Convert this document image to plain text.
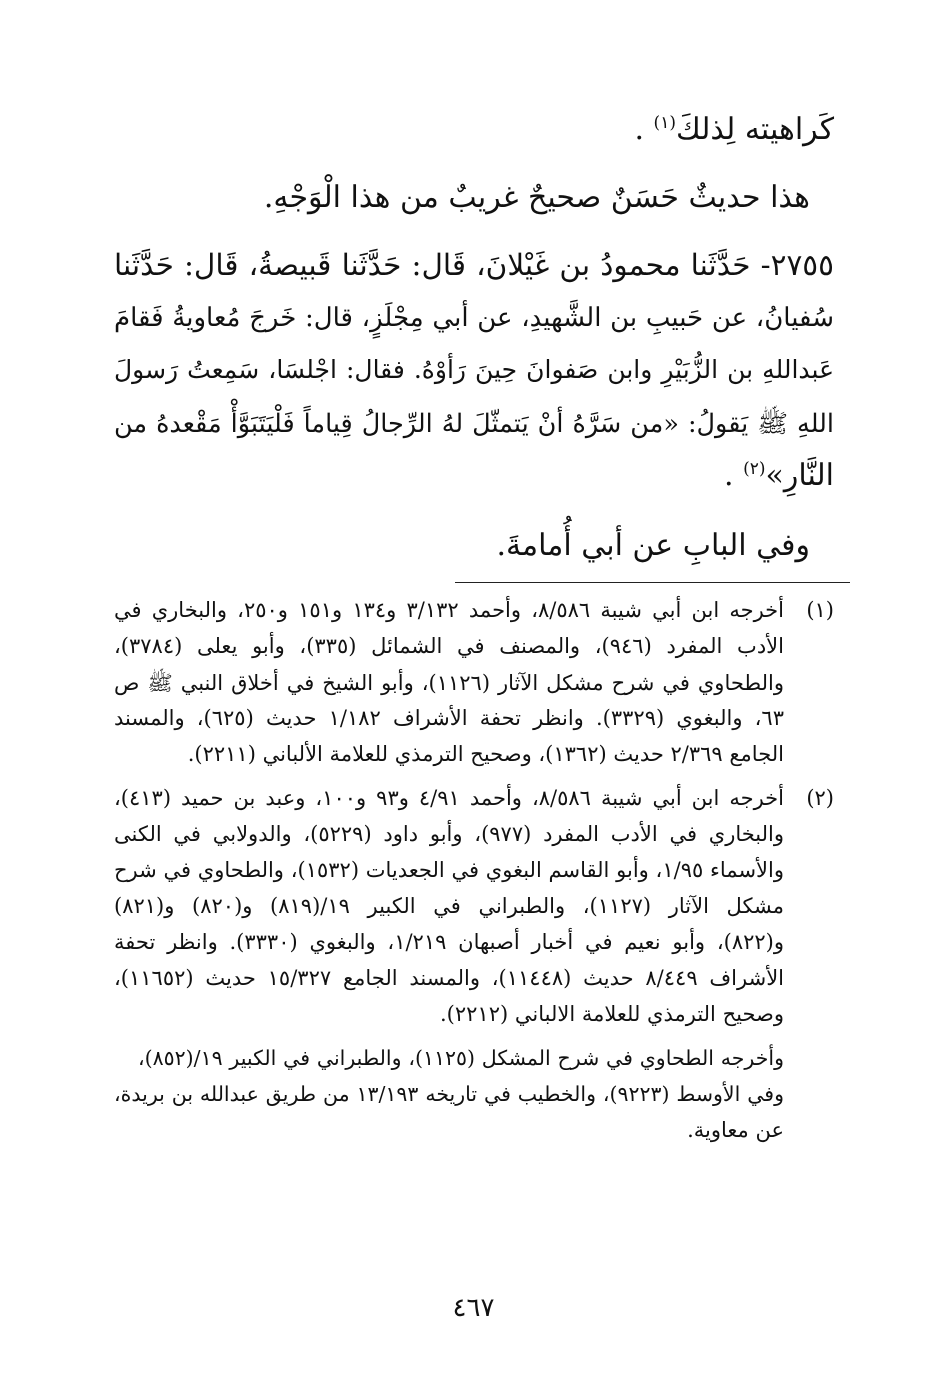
كَراهيته لِذلكَ$^{(١)}$ .
هذا حديثٌ حَسَنٌ صحيحٌ غريبٌ من هذا الْوَجْهِ.
٢٧٥٥- حَدَّثَنا محمودُ بن غَيْلانَ، قَال: حَدَّثَنا قَبيصةُ، قَال: حَدَّثَنا
سُفيانُ، عن حَبيبِ بن الشَّهيدِ، عن أبي مِجْلَزٍ، قال: خَرجَ مُعاويةُ فَقامَ
عَبداللهِ بن الزُّبَيْرِ وابن صَفوانَ حِينَ رَأوْهُ. فقال: اجْلسَا، سَمِعتُ رَسولَ
اللهِ ﷺ يَقولُ: «من سَرَّهُ أنْ يَتمثّلَ لهُ الرِّجالُ قِياماً فَلْيَتَبَوَّأْ مَقْعدهُ من
النَّارِ»$^{(٢)}$ .
وفي البابِ عن أبي أُمامةَ.
(١)
أخرجه ابن أبي شيبة ٨/٥٨٦، وأحمد ٣/١٣٢ و١٣٤ و١٥١ و٢٥٠، والبخاري في
الأدب المفرد (٩٤٦)، والمصنف في الشمائل (٣٣٥)، وأبو يعلى (٣٧٨٤)،
والطحاوي في شرح مشكل الآثار (١١٢٦)، وأبو الشيخ في أخلاق النبي ﷺ ص
٦٣، والبغوي (٣٣٢٩). وانظر تحفة الأشراف ١/١٨٢ حديث (٦٢٥)، والمسند
الجامع ٢/٣٦٩ حديث (١٣٦٢)، وصحيح الترمذي للعلامة الألباني (٢٢١١).
(٢)
أخرجه ابن أبي شيبة ٨/٥٨٦، وأحمد ٤/٩١ و٩٣ و١٠٠، وعبد بن حميد (٤١٣)،
والبخاري في الأدب المفرد (٩٧٧)، وأبو داود (٥٢٢٩)، والدولابي في الكنى
والأسماء ١/٩٥، وأبو القاسم البغوي في الجعديات (١٥٣٢)، والطحاوي في شرح
مشكل الآثار (١١٢٧)، والطبراني في الكبير ١٩/(٨١٩) و(٨٢٠) و(٨٢١)
و(٨٢٢)، وأبو نعيم في أخبار أصبهان ١/٢١٩، والبغوي (٣٣٣٠). وانظر تحفة
الأشراف ٨/٤٤٩ حديث (١١٤٤٨)، والمسند الجامع ١٥/٣٢٧ حديث (١١٦٥٢)،
وصحيح الترمذي للعلامة الالباني (٢٢١٢).
وأخرجه الطحاوي في شرح المشكل (١١٢٥)، والطبراني في الكبير ١٩/(٨٥٢)،
وفي الأوسط (٩٢٢٣)، والخطيب في تاريخه ١٣/١٩٣ من طريق عبدالله بن بريدة،
عن معاوية.
٤٦٧
